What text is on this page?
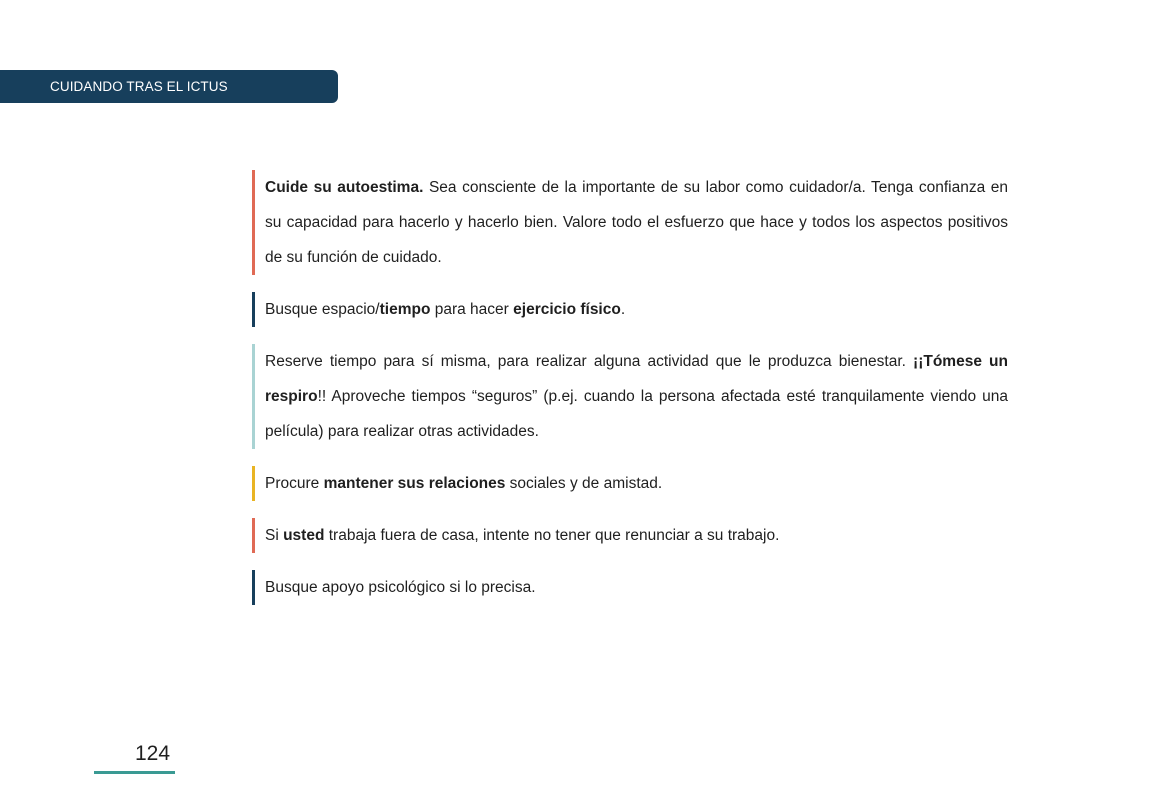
CUIDANDO TRAS EL ICTUS
Cuide su autoestima. Sea consciente de la importante de su labor como cuidador/a. Tenga confianza en su capacidad para hacerlo y hacerlo bien. Valore todo el esfuerzo que hace y todos los aspectos positivos de su función de cuidado.
Busque espacio/tiempo para hacer ejercicio físico.
Reserve tiempo para sí misma, para realizar alguna actividad que le produzca bienestar. ¡¡Tómese un respiro!! Aproveche tiempos “seguros” (p.ej. cuando la persona afectada esté tranquilamente viendo una película) para realizar otras actividades.
Procure mantener sus relaciones sociales y de amistad.
Si usted trabaja fuera de casa, intente no tener que renunciar a su trabajo.
Busque apoyo psicológico si lo precisa.
124
